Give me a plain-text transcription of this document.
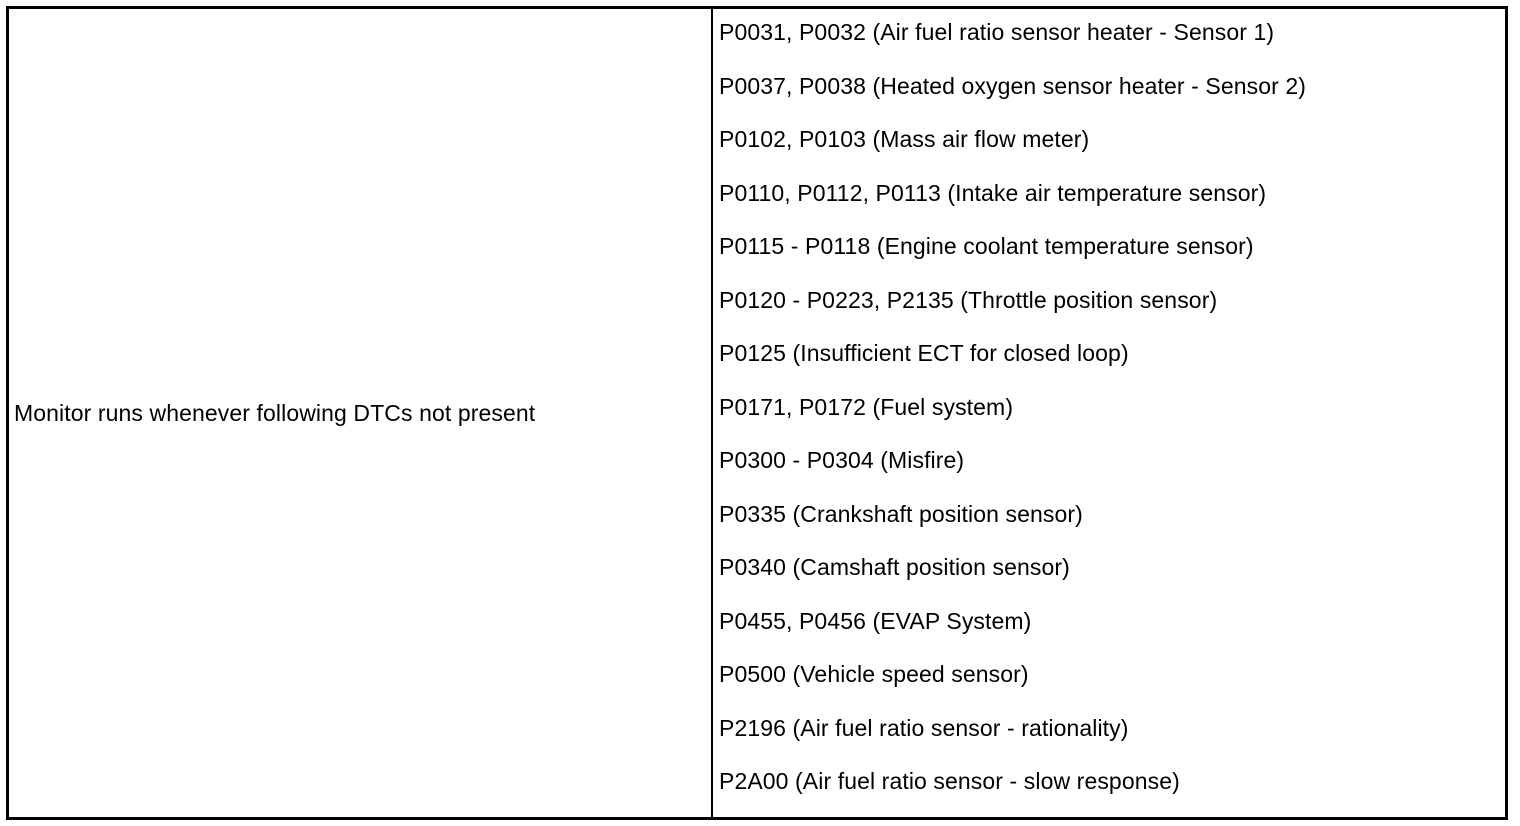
Monitor runs whenever following DTCs not present
P0031, P0032 (Air fuel ratio sensor heater - Sensor 1)
P0037, P0038 (Heated oxygen sensor heater - Sensor 2)
P0102, P0103 (Mass air flow meter)
P0110, P0112, P0113 (Intake air temperature sensor)
P0115 - P0118 (Engine coolant temperature sensor)
P0120 - P0223, P2135 (Throttle position sensor)
P0125 (Insufficient ECT for closed loop)
P0171, P0172 (Fuel system)
P0300 - P0304 (Misfire)
P0335 (Crankshaft position sensor)
P0340 (Camshaft position sensor)
P0455, P0456 (EVAP System)
P0500 (Vehicle speed sensor)
P2196 (Air fuel ratio sensor - rationality)
P2A00 (Air fuel ratio sensor - slow response)
